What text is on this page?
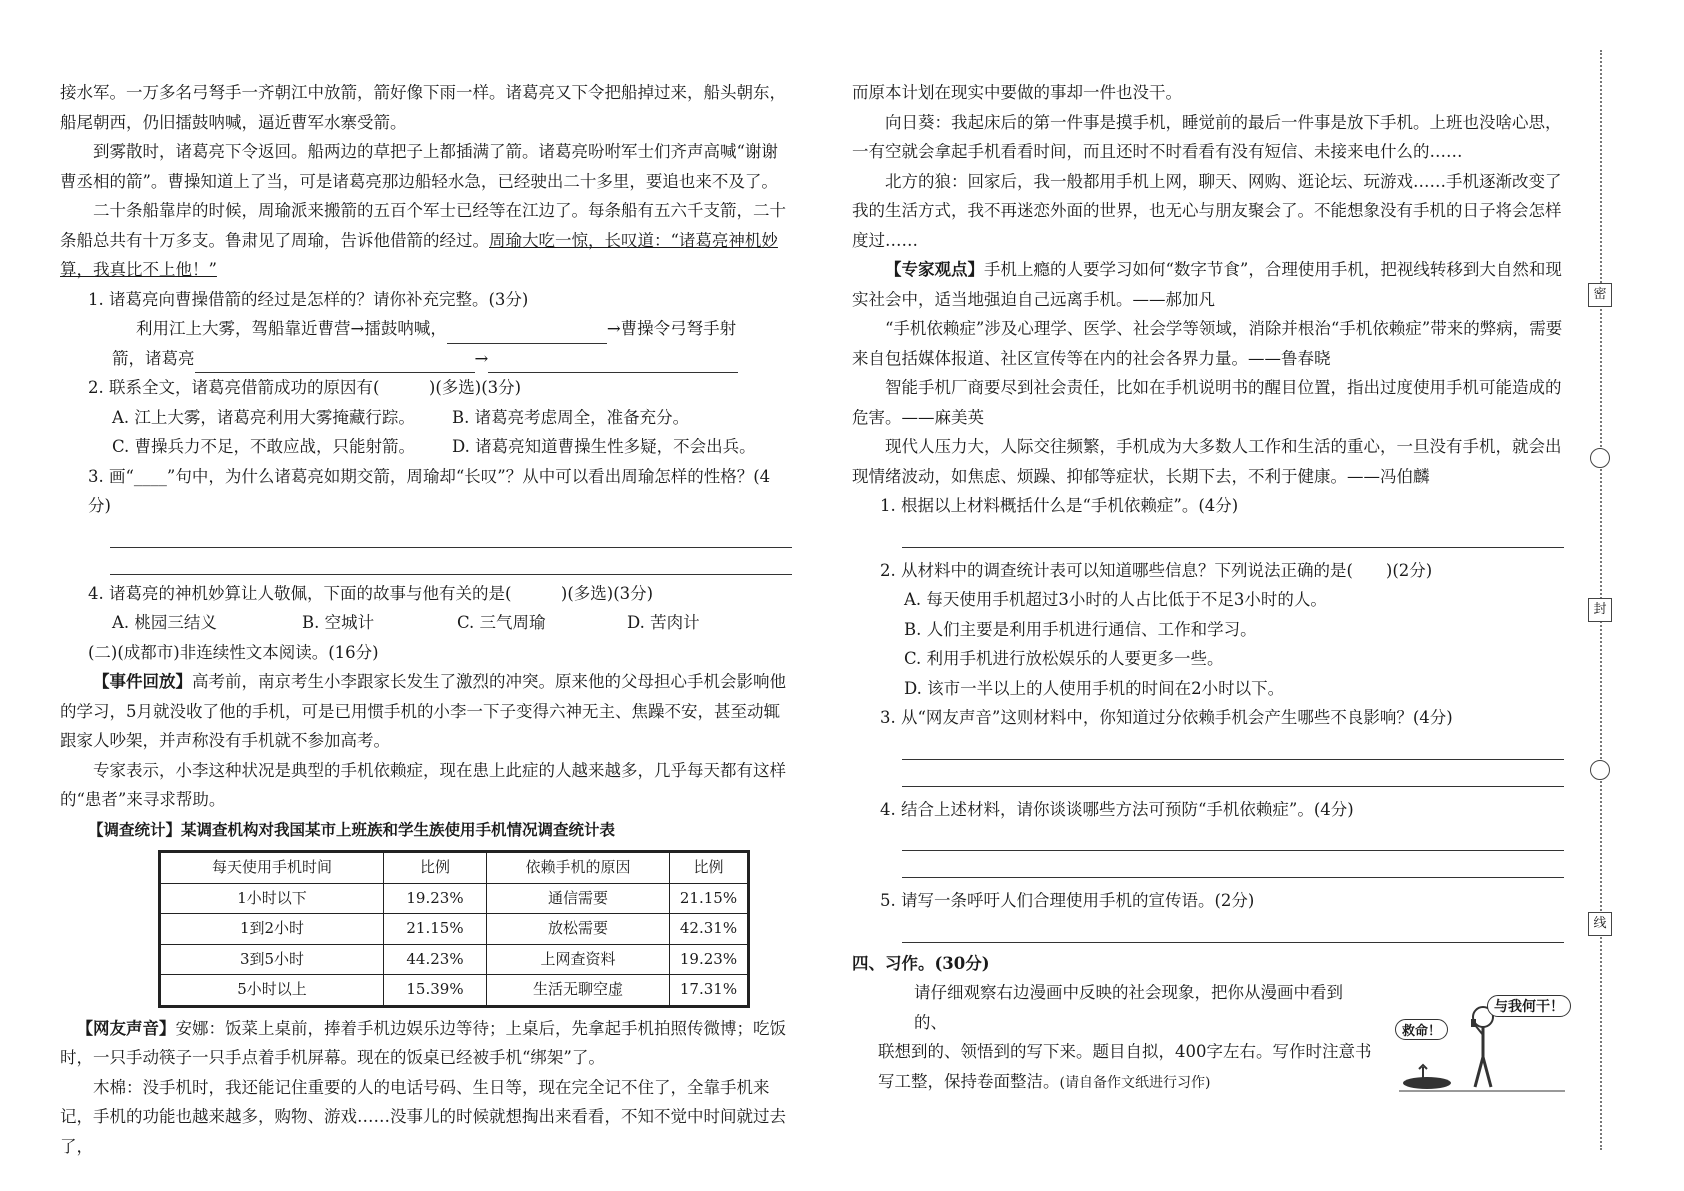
接水军。一万多名弓弩手一齐朝江中放箭，箭好像下雨一样。诸葛亮又下令把船掉过来，船头朝东，船尾朝西，仍旧擂鼓呐喊，逼近曹军水寨受箭。

到雾散时，诸葛亮下令返回。船两边的草把子上都插满了箭。诸葛亮吩咐军士们齐声高喊“谢谢曹丞相的箭”。曹操知道上了当，可是诸葛亮那边船轻水急，已经驶出二十多里，要追也来不及了。

二十条船靠岸的时候，周瑜派来搬箭的五百个军士已经等在江边了。每条船有五六千支箭，二十条船总共有十万多支。鲁肃见了周瑜，告诉他借箭的经过。周瑜大吃一惊，长叹道：“诸葛亮神机妙算，我真比不上他！”

1. 诸葛亮向曹操借箭的经过是怎样的？请你补充完整。(3分)

利用江上大雾，驾船靠近曹营→擂鼓呐喊，	→曹操令弓弩手射

箭，诸葛亮	→

2. 联系全文，诸葛亮借箭成功的原因有(　　　)(多选)(3分)

A. 江上大雾，诸葛亮利用大雾掩藏行踪。	B. 诸葛亮考虑周全，准备充分。
C. 曹操兵力不足，不敢应战，只能射箭。	D. 诸葛亮知道曹操生性多疑，不会出兵。

3. 画“____”句中，为什么诸葛亮如期交箭，周瑜却“长叹”？从中可以看出周瑜怎样的性格？(4分)

4. 诸葛亮的神机妙算让人敬佩，下面的故事与他有关的是(　　　)(多选)(3分)

A. 桃园三结义	B. 空城计	C. 三气周瑜	D. 苦肉计

(二)(成都市)非连续性文本阅读。(16分)

【事件回放】高考前，南京考生小李跟家长发生了激烈的冲突。原来他的父母担心手机会影响他的学习，5月就没收了他的手机，可是已用惯手机的小李一下子变得六神无主、焦躁不安，甚至动辄跟家人吵架，并声称没有手机就不参加高考。

专家表示，小李这种状况是典型的手机依赖症，现在患上此症的人越来越多，几乎每天都有这样的“患者”来寻求帮助。

【调查统计】某调查机构对我国某市上班族和学生族使用手机情况调查统计表

每天使用手机时间	比例	依赖手机的原因	比例
1小时以下	19.23%	通信需要	21.15%
1到2小时	21.15%	放松需要	42.31%
3到5小时	44.23%	上网查资料	19.23%
5小时以上	15.39%	生活无聊空虚	17.31%

【网友声音】安娜：饭菜上桌前，捧着手机边娱乐边等待；上桌后，先拿起手机拍照传微博；吃饭时，一只手动筷子一只手点着手机屏幕。现在的饭桌已经被手机“绑架”了。

木棉：没手机时，我还能记住重要的人的电话号码、生日等，现在完全记不住了，全靠手机来记，手机的功能也越来越多，购物、游戏……没事儿的时候就想掏出来看看，不知不觉中时间就过去了，

而原本计划在现实中要做的事却一件也没干。

向日葵：我起床后的第一件事是摸手机，睡觉前的最后一件事是放下手机。上班也没啥心思，一有空就会拿起手机看看时间，而且还时不时看看有没有短信、未接来电什么的……

北方的狼：回家后，我一般都用手机上网，聊天、网购、逛论坛、玩游戏……手机逐渐改变了我的生活方式，我不再迷恋外面的世界，也无心与朋友聚会了。不能想象没有手机的日子将会怎样度过……

【专家观点】手机上瘾的人要学习如何“数字节食”，合理使用手机，把视线转移到大自然和现实社会中，适当地强迫自己远离手机。——郝加凡

“手机依赖症”涉及心理学、医学、社会学等领域，消除并根治“手机依赖症”带来的弊病，需要来自包括媒体报道、社区宣传等在内的社会各界力量。——鲁春晓

智能手机厂商要尽到社会责任，比如在手机说明书的醒目位置，指出过度使用手机可能造成的危害。——麻美英

现代人压力大，人际交往频繁，手机成为大多数人工作和生活的重心，一旦没有手机，就会出现情绪波动，如焦虑、烦躁、抑郁等症状，长期下去，不利于健康。——冯伯麟

1. 根据以上材料概括什么是“手机依赖症”。(4分)

2. 从材料中的调查统计表可以知道哪些信息？下列说法正确的是(　　)(2分)

A. 每天使用手机超过3小时的人占比低于不足3小时的人。

B. 人们主要是利用手机进行通信、工作和学习。

C. 利用手机进行放松娱乐的人要更多一些。

D. 该市一半以上的人使用手机的时间在2小时以下。

3. 从“网友声音”这则材料中，你知道过分依赖手机会产生哪些不良影响？(4分)

4. 结合上述材料，请你谈谈哪些方法可预防“手机依赖症”。(4分)

5. 请写一条呼吁人们合理使用手机的宣传语。(2分)

四、习作。(30分)

请仔细观察右边漫画中反映的社会现象，把你从漫画中看到的、

联想到的、领悟到的写下来。题目自拟，400字左右。写作时注意书

写工整，保持卷面整洁。(请自备作文纸进行习作)

救命！
与我何干！
密
封
线
